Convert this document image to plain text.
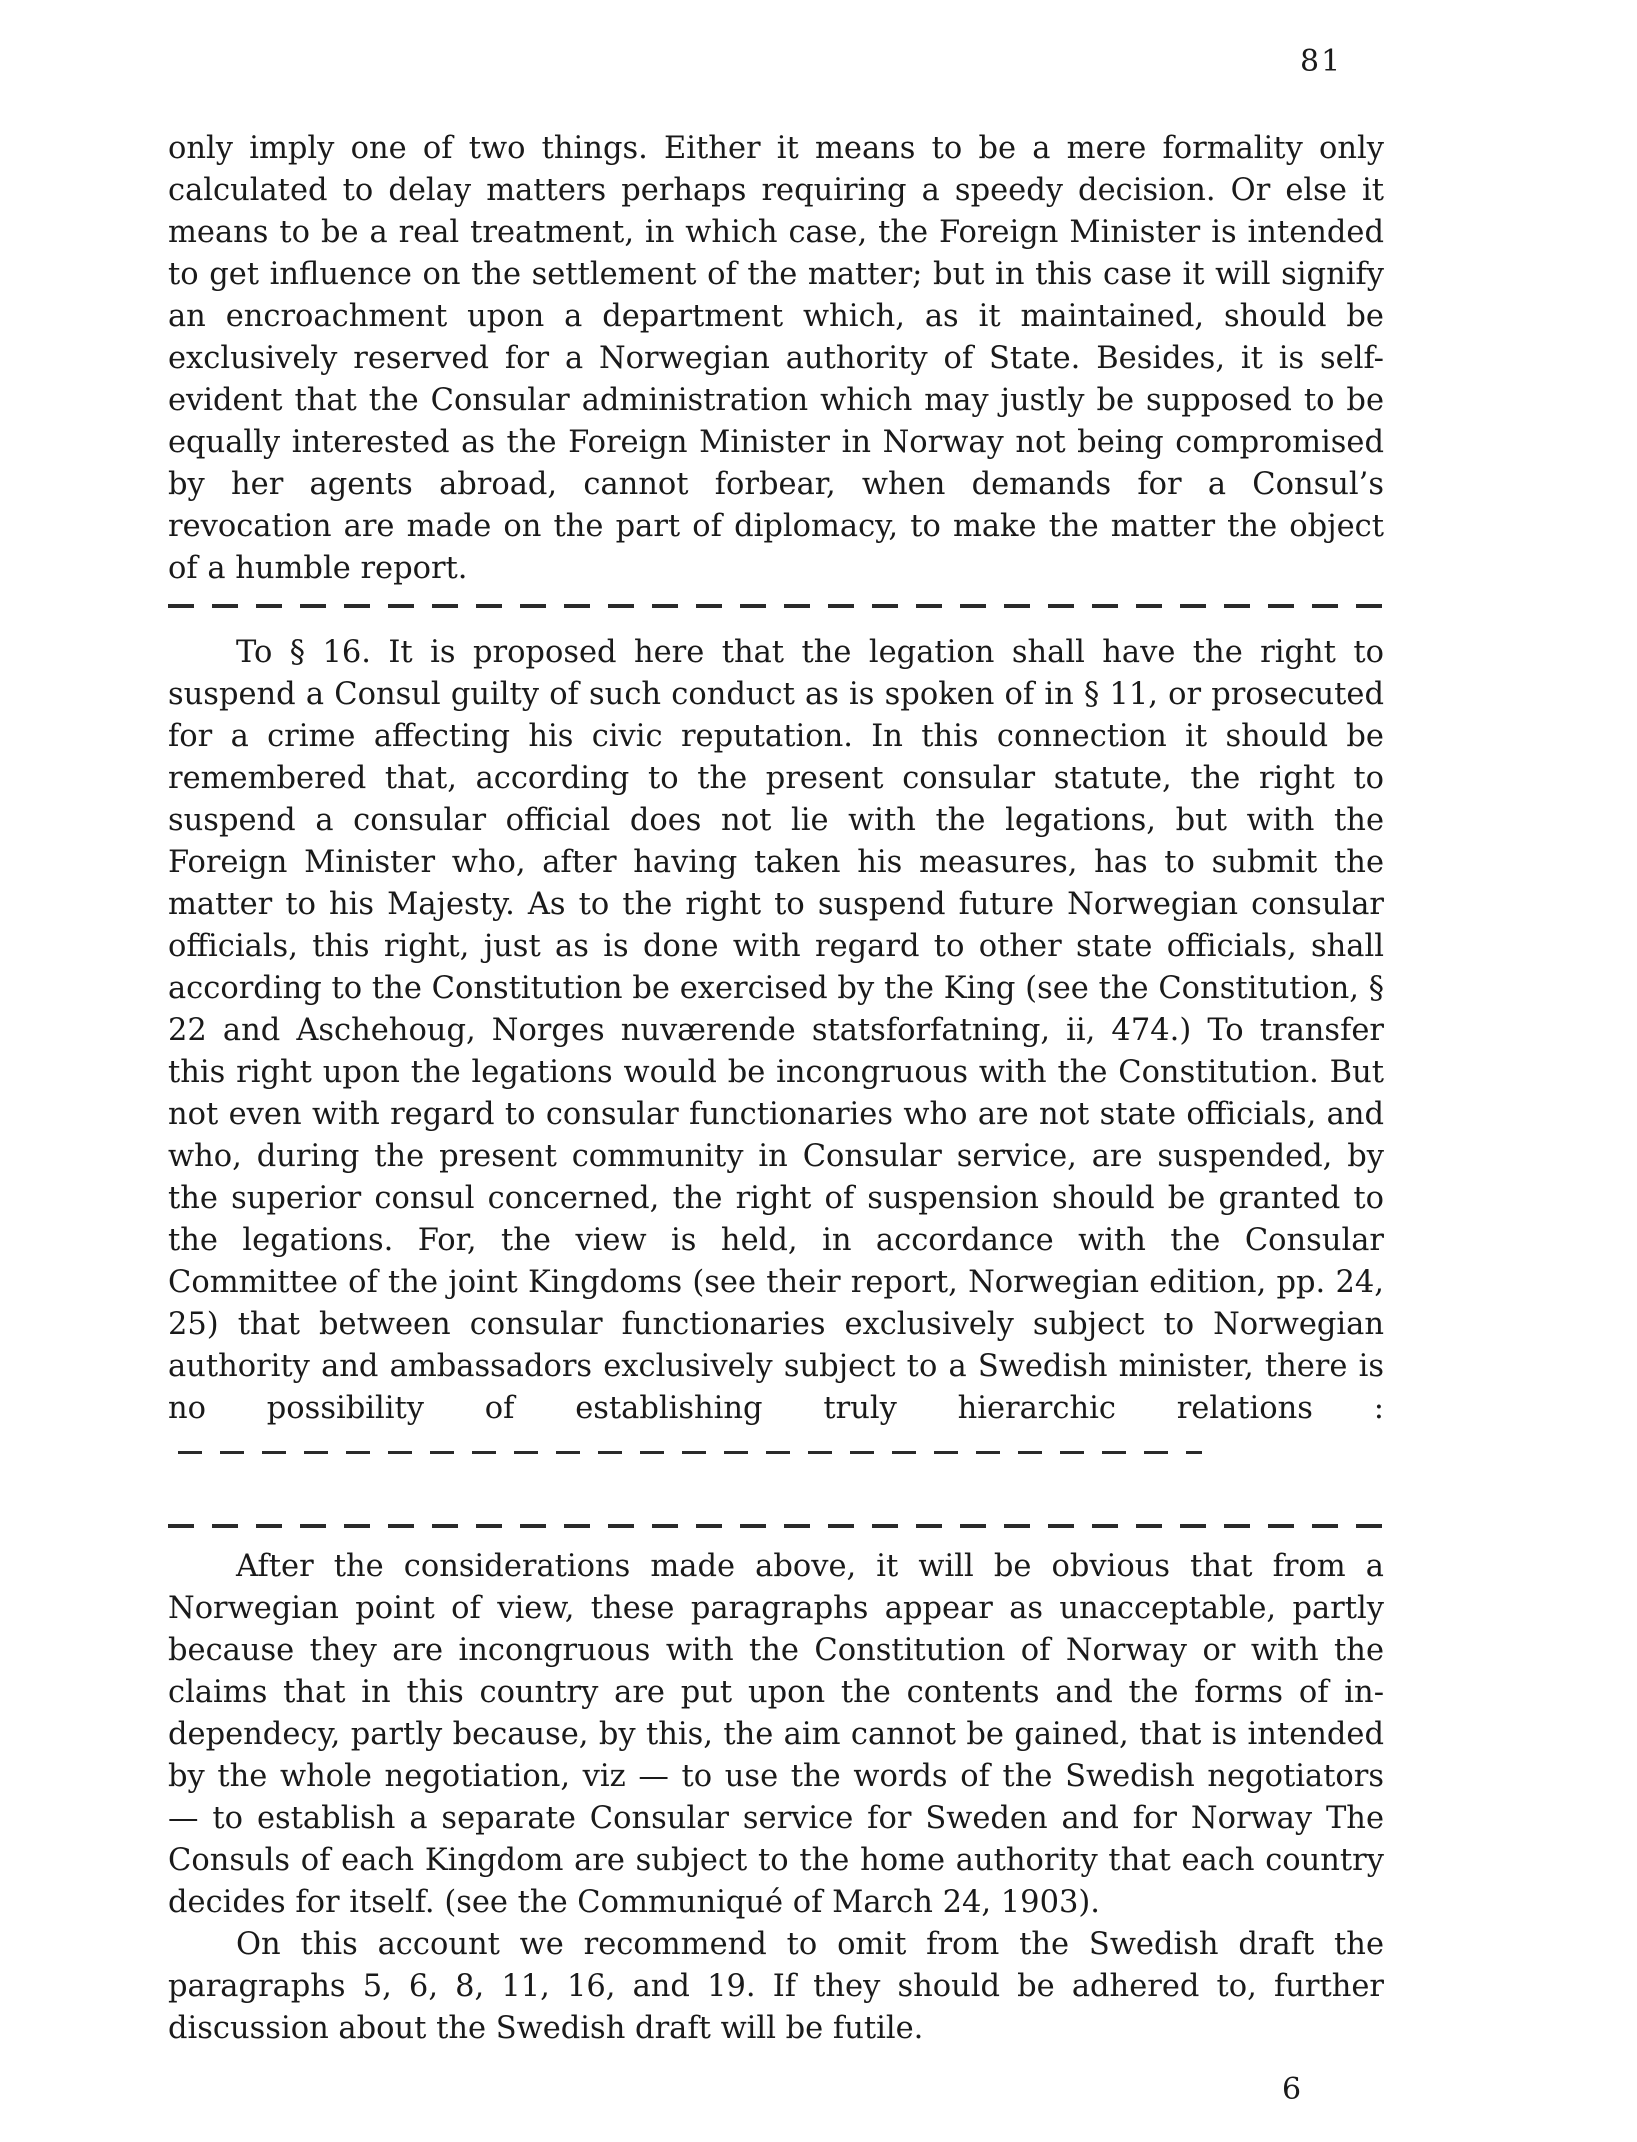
81

only imply one of two things. Either it means to be a mere formality only calculated to delay matters perhaps requiring a speedy decision. Or else it means to be a real treatment, in which case, the Foreign Minister is intended to get influence on the settlement of the matter; but in this case it will signify an encroachment upon a department which, as it maintained, should be exclusively reserved for a Norwegian authority of State. Besides, it is self-evident that the Consular administration which may justly be supposed to be equally interested as the Foreign Minister in Norway not being compromised by her agents abroad, cannot forbear, when demands for a Consul’s revocation are made on the part of diplomacy, to make the matter the object of a humble report.

To § 16. It is proposed here that the legation shall have the right to suspend a Consul guilty of such conduct as is spoken of in § 11, or prosecuted for a crime affecting his civic reputation. In this connection it should be remembered that, according to the present consular statute, the right to suspend a consular official does not lie with the legations, but with the Foreign Minister who, after having taken his measures, has to submit the matter to his Majesty. As to the right to suspend future Norwegian consular officials, this right, just as is done with regard to other state officials, shall according to the Constitution be exercised by the King (see the Constitution, § 22 and Aschehoug, Norges nuværende statsforfatning, ii, 474.) To transfer this right upon the legations would be incongruous with the Constitution. But not even with regard to consular functionaries who are not state officials, and who, during the present community in Consular service, are suspended, by the superior consul concerned, the right of suspension should be granted to the legations. For, the view is held, in accordance with the Consular Committee of the joint Kingdoms (see their report, Norwegian edition, pp. 24, 25) that between consular functionaries exclusively subject to Norwegian authority and ambassadors exclusively subject to a Swedish minister, there is no possibility of establishing truly hierarchic relations :

After the considerations made above, it will be obvious that from a Norwegian point of view, these paragraphs appear as unacceptable, partly because they are incongruous with the Constitution of Norway or with the claims that in this country are put upon the contents and the forms of independecy, partly because, by this, the aim cannot be gained, that is intended by the whole negotiation, viz — to use the words of the Swedish negotiators — to establish a separate Consular service for Sweden and for Norway The Consuls of each Kingdom are subject to the home authority that each country decides for itself. (see the Communiqué of March 24, 1903).

On this account we recommend to omit from the Swedish draft the paragraphs 5, 6, 8, 11, 16, and 19. If they should be adhered to, further discussion about the Swedish draft will be futile.

6
